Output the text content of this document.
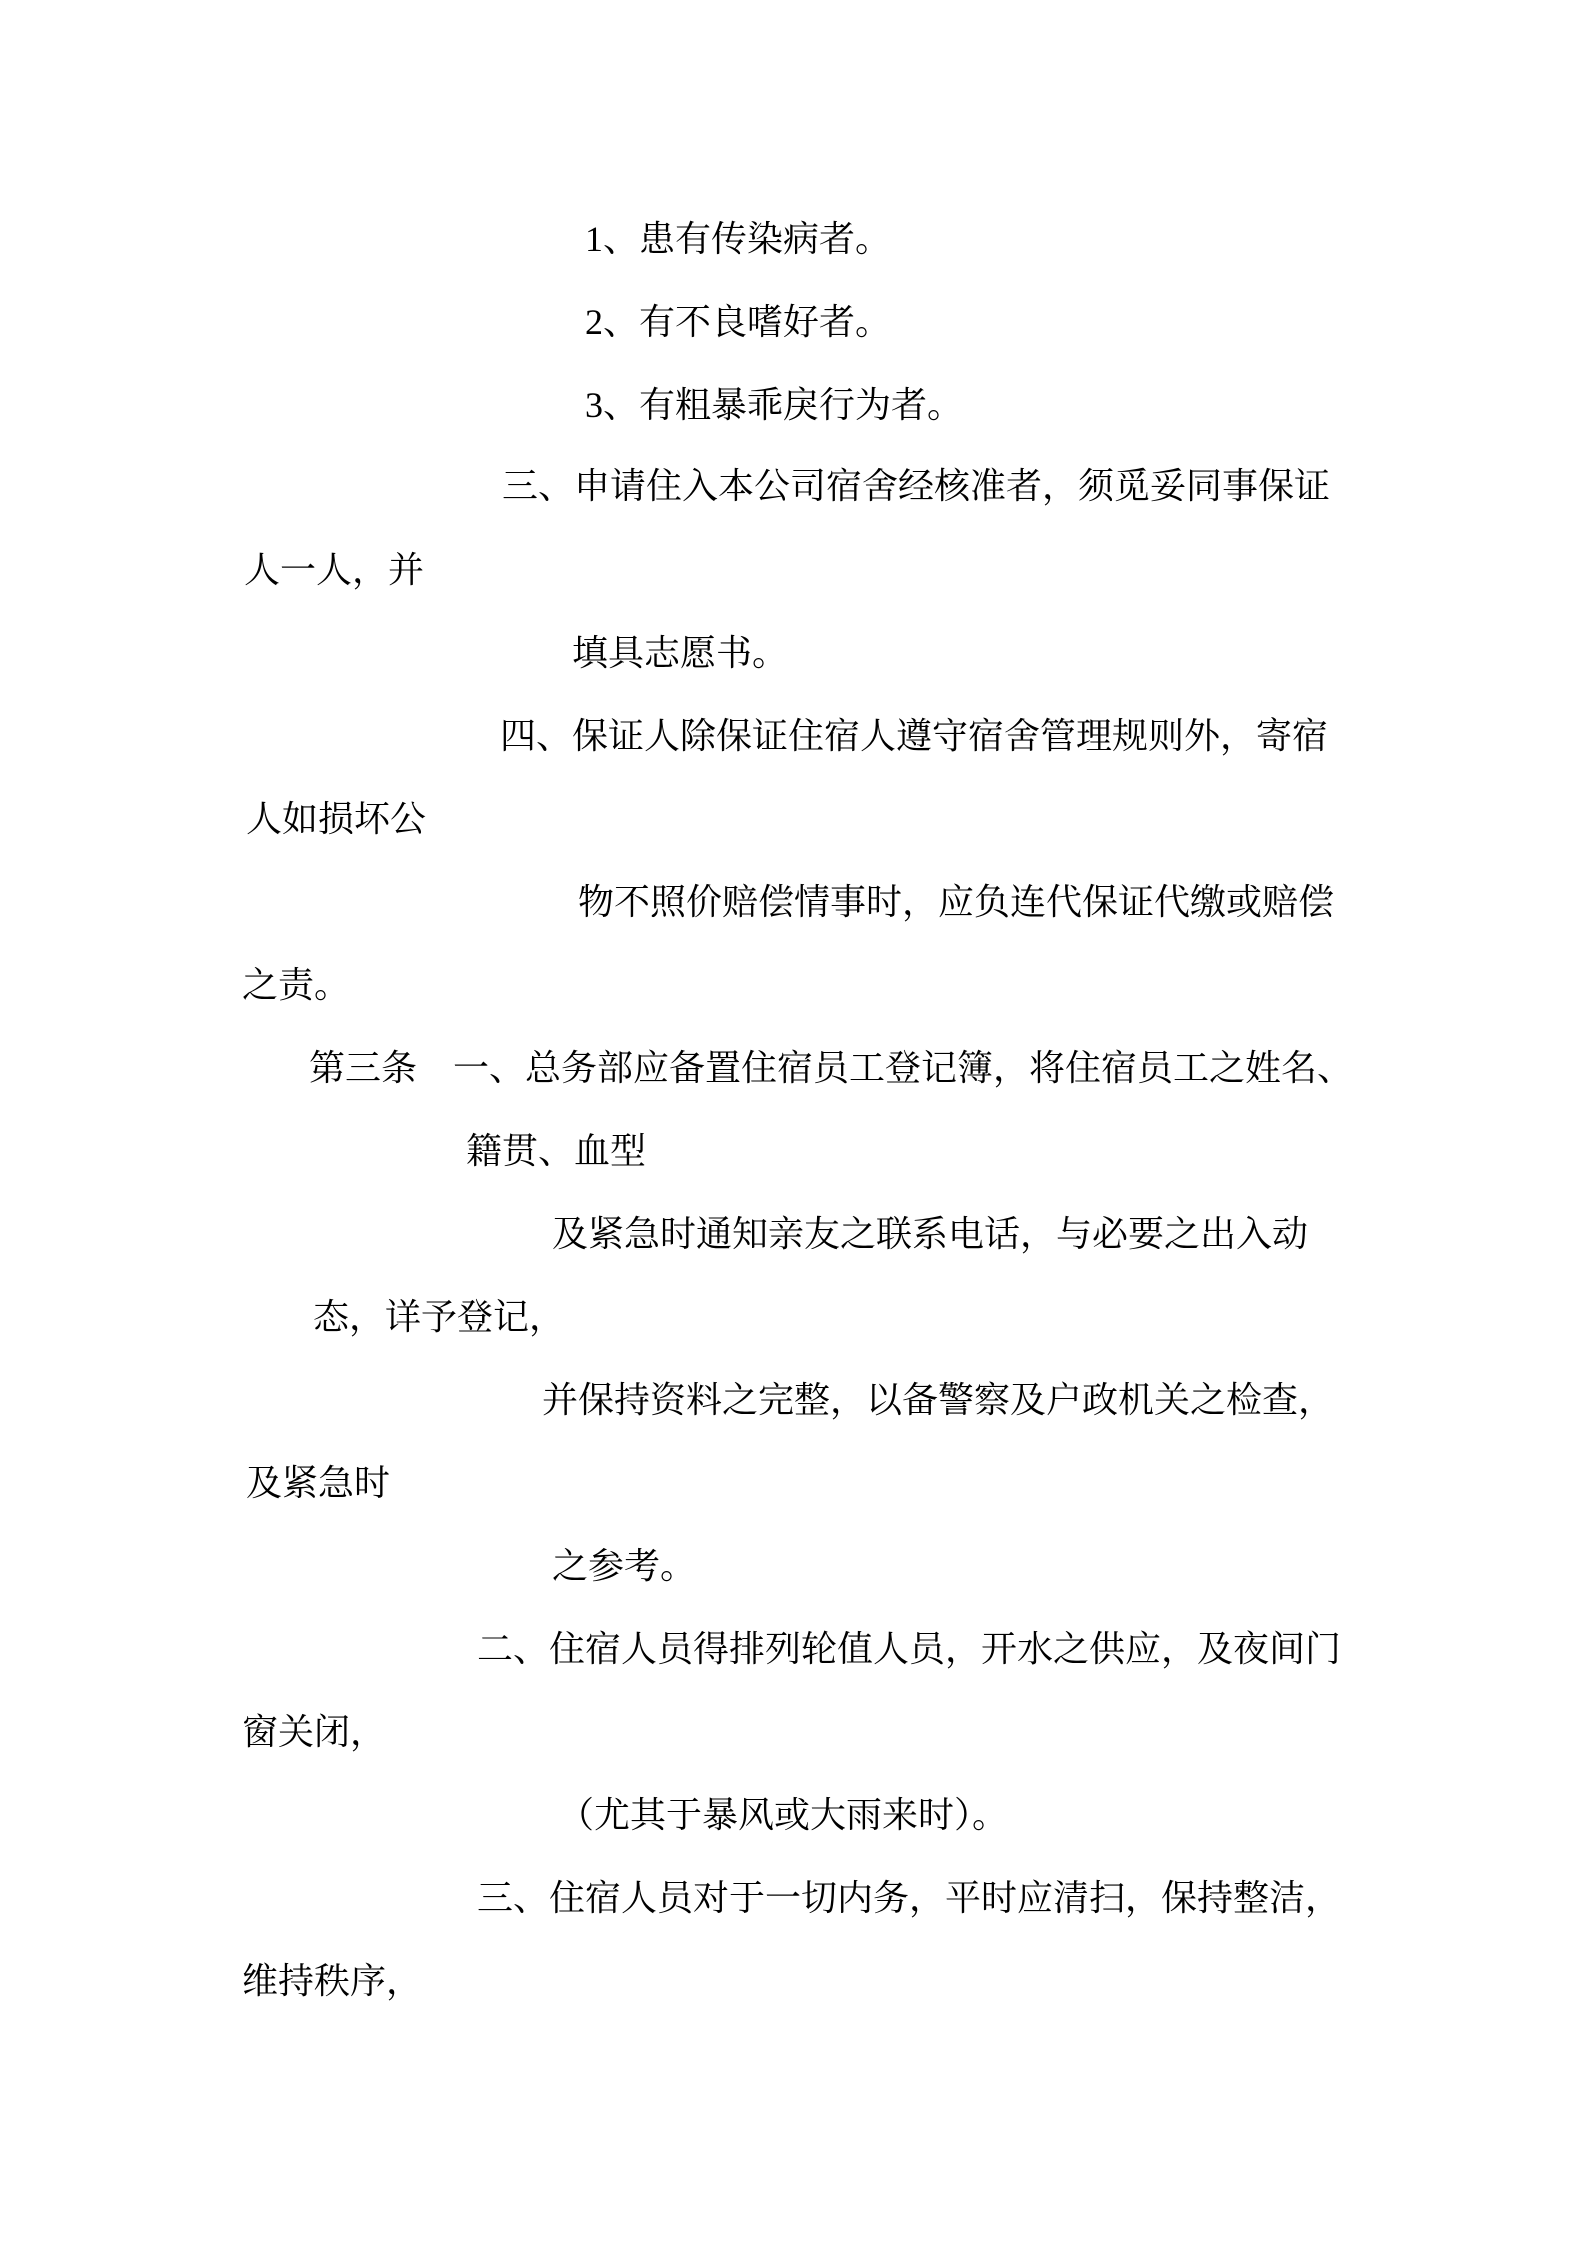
1、患有传染病者。
2、有不良嗜好者。
3、有粗暴乖戾行为者。
三、申请住入本公司宿舍经核准者，须觅妥同事保证
人一人，并
填具志愿书。
四、保证人除保证住宿人遵守宿舍管理规则外，寄宿
人如损坏公
物不照价赔偿情事时，应负连代保证代缴或赔偿
之责。
第三条　一、总务部应备置住宿员工登记簿，将住宿员工之姓名、
籍贯、血型
及紧急时通知亲友之联系电话，与必要之出入动
态，详予登记，
并保持资料之完整，以备警察及户政机关之检查，
及紧急时
之参考。
二、住宿人员得排列轮值人员，开水之供应，及夜间门
窗关闭，
（尤其于暴风或大雨来时）。
三、住宿人员对于一切内务，平时应清扫，保持整洁，
维持秩序，
